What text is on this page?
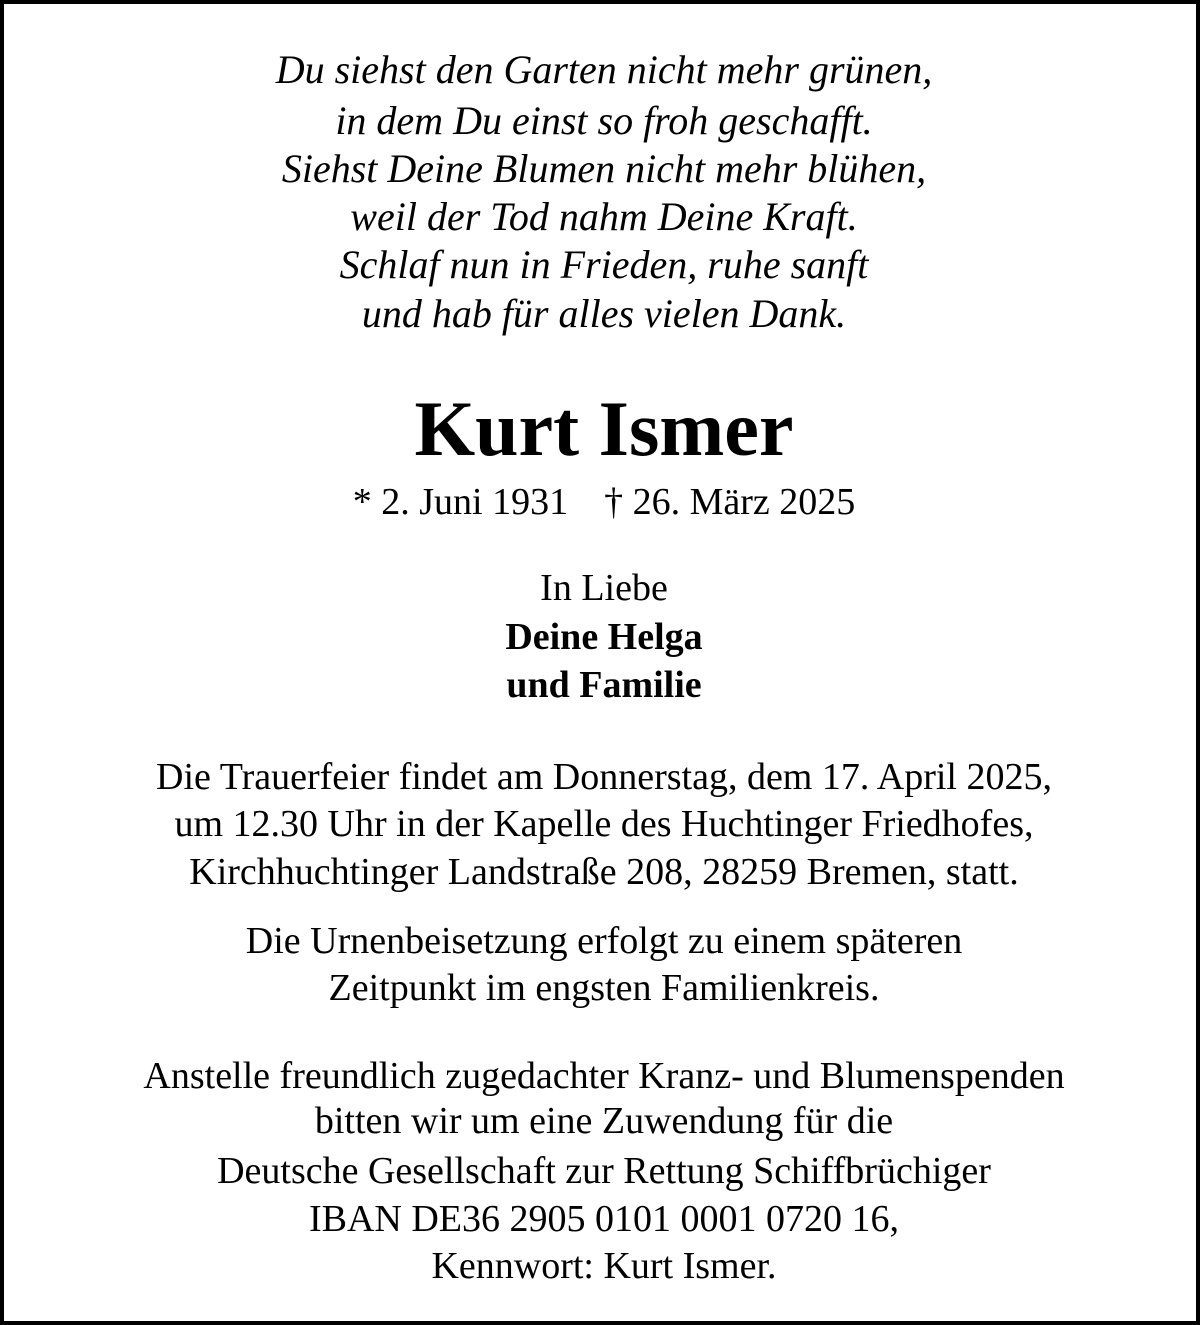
Du siehst den Garten nicht mehr grünen,
in dem Du einst so froh geschafft.
Siehst Deine Blumen nicht mehr blühen,
weil der Tod nahm Deine Kraft.
Schlaf nun in Frieden, ruhe sanft
und hab für alles vielen Dank.
Kurt Ismer
* 2. Juni 1931 † 26. März 2025
In Liebe
Deine Helga
und Familie
Die Trauerfeier findet am Donnerstag, dem 17. April 2025,
um 12.30 Uhr in der Kapelle des Huchtinger Friedhofes,
Kirchhuchtinger Landstraße 208, 28259 Bremen, statt.
Die Urnenbeisetzung erfolgt zu einem späteren
Zeitpunkt im engsten Familienkreis.
Anstelle freundlich zugedachter Kranz- und Blumenspenden
bitten wir um eine Zuwendung für die
Deutsche Gesellschaft zur Rettung Schiffbrüchiger
IBAN DE36 2905 0101 0001 0720 16,
Kennwort: Kurt Ismer.
